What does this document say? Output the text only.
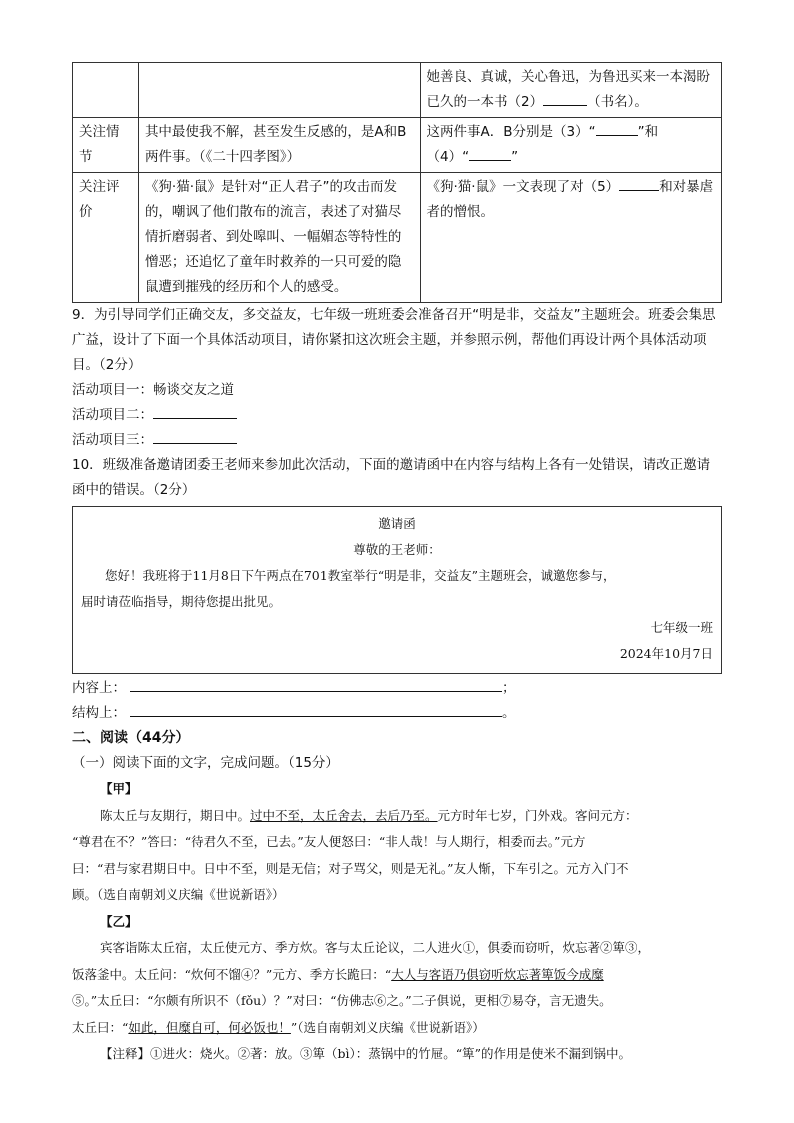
		她善良、真诚，关心鲁迅，为鲁迅买来一本渴盼已久的一本书（2） （书名）。
关注情节	其中最使我不解，甚至发生反感的，是A和B两件事。（《二十四孝图》）	这两件事A．B分别是（3）“ ”和
（4）“ ”
关注评价	《狗·猫·鼠》是针对“正人君子”的攻击而发的，嘲讽了他们散布的流言，表述了对猫尽情折磨弱者、到处嗥叫、一幅媚态等特性的憎恶；还追忆了童年时救养的一只可爱的隐鼠遭到摧残的经历和个人的感受。	《狗·猫·鼠》一文表现了对（5） 和对暴虐者的憎恨。
9．为引导同学们正确交友，多交益友，七年级一班班委会准备召开“明是非，交益友”主题班会。班委会集思广益，设计了下面一个具体活动项目，请你紧扣这次班会主题，并参照示例，帮他们再设计两个具体活动项目。（2分）
活动项目一：畅谈交友之道
活动项目二：
活动项目三：
10．班级准备邀请团委王老师来参加此次活动，下面的邀请函中在内容与结构上各有一处错误，请改正邀请函中的错误。（2分）
邀请函
尊敬的王老师：
您好！我班将于11月8日下午两点在701教室举行“明是非，交益友”主题班会，诚邀您参与，
届时请莅临指导，期待您提出批见。
七年级一班
2024年10月7日
内容上：	；
结构上：	。
二、阅读（44分）
（一）阅读下面的文字，完成问题。（15分）
【甲】
陈太丘与友期行，期日中。过中不至，太丘舍去，去后乃至。元方时年七岁，门外戏。客问元方：
“尊君在不？”答曰：“待君久不至，已去。”友人便怒曰：“非人哉！与人期行，相委而去。”元方
曰：“君与家君期日中。日中不至，则是无信；对子骂父，则是无礼。”友人惭，下车引之。元方入门不
顾。（选自南朝刘义庆编《世说新语》）
【乙】
宾客诣陈太丘宿，太丘使元方、季方炊。客与太丘论议，二人进火①，俱委而窃听，炊忘著②箄③，
饭落釜中。太丘问：“炊何不馏④？”元方、季方长跪曰：“大人与客语乃俱窃听炊忘著箄饭今成糜
⑤。”太丘曰：“尔颇有所识不（fǒu）？”对曰：“仿佛志⑥之。”二子俱说，更相⑦易夺，言无遗失。
太丘曰：“如此，但糜自可，何必饭也！”（选自南朝刘义庆编《世说新语》）
【注释】①进火：烧火。②著：放。③箄（bì）：蒸锅中的竹屉。“箄”的作用是使米不漏到锅中。
